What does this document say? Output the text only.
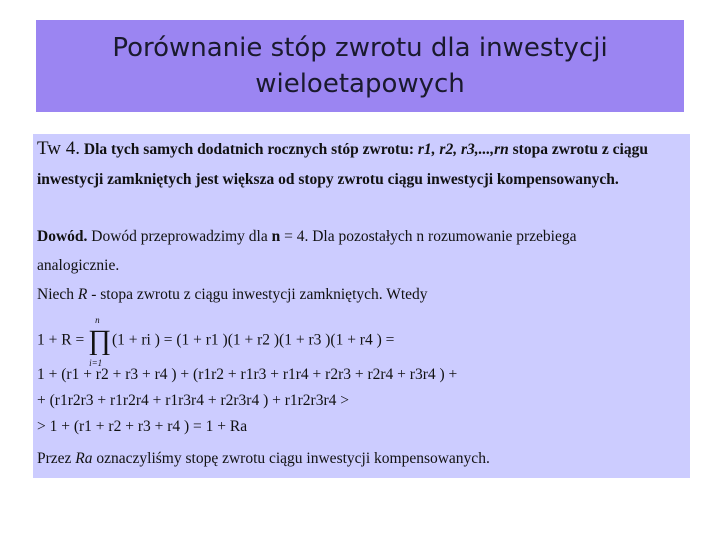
Porównanie stóp zwrotu dla inwestycji
wieloetapowych
Tw 4. Dla tych samych dodatnich rocznych stóp zwrotu: r1, r2, r3,...,rn stopa zwrotu z ciągu
inwestycji zamkniętych jest większa od stopy zwrotu ciągu inwestycji kompensowanych.
Dowód. Dowód przeprowadzimy dla n = 4. Dla pozostałych n rozumowanie przebiega
analogicznie.
Niech R - stopa zwrotu z ciągu inwestycji zamkniętych. Wtedy
1 + R =
n
∏
i=1
(1 + ri ) = (1 + r1 )(1 + r2 )(1 + r3 )(1 + r4 ) =
1 + (r1 + r2 + r3 + r4 ) + (r1r2 + r1r3 + r1r4 + r2r3 + r2r4 + r3r4 ) +
+ (r1r2r3 + r1r2r4 + r1r3r4 + r2r3r4 ) + r1r2r3r4 >
> 1 + (r1 + r2 + r3 + r4 ) = 1 + Ra
Przez Ra oznaczyliśmy stopę zwrotu ciągu inwestycji kompensowanych.
